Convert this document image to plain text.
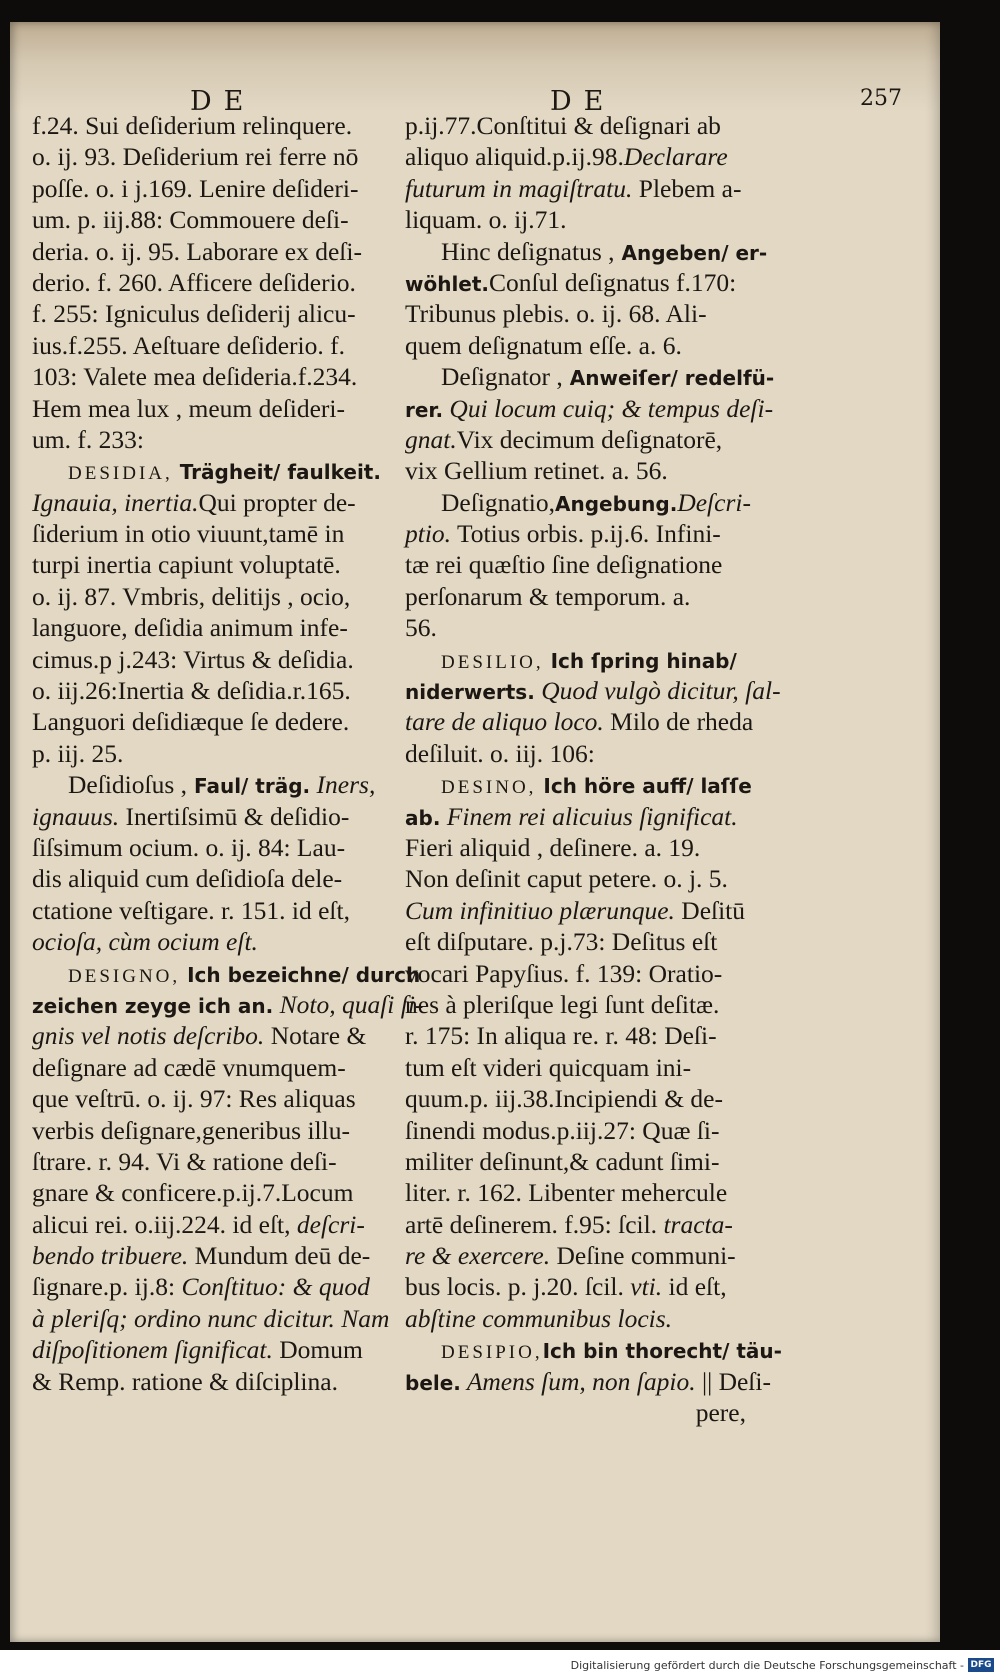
DE	DE	257
f.24. Sui deſiderium relinquere.
o. ij. 93. Deſiderium rei ferre nō
poſſe. o. i j.169. Lenire deſideri-
um. p. iij.88: Commouere deſi-
deria. o. ij. 95. Laborare ex deſi-
derio. f. 260. Afficere deſiderio.
f. 255: Igniculus deſiderij alicu-
ius.f.255. Aeſtuare deſiderio. f.
103: Valete mea deſideria.f.234.
Hem mea lux , meum deſideri-
um. f. 233:
DESIDIA, Trägheit/ faulkeit.
Ignauia, inertia.Qui propter de-
ſiderium in otio viuunt,tamē in
turpi inertia capiunt voluptatē.
o. ij. 87. Vmbris, delitijs , ocio,
languore, deſidia animum infe-
cimus.p j.243: Virtus & deſidia.
o. iij.26:Inertia & deſidia.r.165.
Languori deſidiæque ſe dedere.
p. iij. 25.
Deſidioſus , Faul/ träg. Iners,
ignauus. Inertiſsimū & deſidio-
ſiſsimum ocium. o. ij. 84: Lau-
dis aliquid cum deſidioſa dele-
ctatione veſtigare. r. 151. id eſt,
ocioſa, cùm ocium eſt.
DESIGNO, Ich bezeichne/ durch
zeichen zeyge ich an. Noto, quaſi ſi-
gnis vel notis deſcribo. Notare &
deſignare ad cædē vnumquem-
que veſtrū. o. ij. 97: Res aliquas
verbis deſignare,generibus illu-
ſtrare. r. 94. Vi & ratione deſi-
gnare & conficere.p.ij.7.Locum
alicui rei. o.iij.224. id eſt, deſcri-
bendo tribuere. Mundum deū de-
ſignare.p. ij.8: Conſtituo: & quod
à pleriſq; ordino nunc dicitur. Nam
diſpoſitionem ſignificat. Domum
& Remp. ratione & diſciplina.
p.ij.77.Conſtitui & deſignari ab
aliquo aliquid.p.ij.98.Declarare
futurum in magiſtratu. Plebem a-
liquam. o. ij.71.
Hinc deſignatus , Angeben/ er-
wöhlet.Conſul deſignatus f.170:
Tribunus plebis. o. ij. 68. Ali-
quem deſignatum eſſe. a. 6.
Deſignator , Anweiſer/ redelfü-
rer. Qui locum cuiq; & tempus deſi-
gnat.Vix decimum deſignatorē,
vix Gellium retinet. a. 56.
Deſignatio,Angebung.Deſcri-
ptio. Totius orbis. p.ij.6. Infini-
tæ rei quæſtio ſine deſignatione
perſonarum & temporum. a.
56.
DESILIO, Ich ſpring hinab/
niderwerts. Quod vulgò dicitur, ſal-
tare de aliquo loco. Milo de rheda
deſiluit. o. iij. 106:
DESINO, Ich höre auff/ laſſe
ab. Finem rei alicuius ſignificat.
Fieri aliquid , deſinere. a. 19.
Non deſinit caput petere. o. j. 5.
Cum infinitiuo plærunque. Deſitū
eſt diſputare. p.j.73: Deſitus eſt
vocari Papyſius. f. 139: Oratio-
nes à pleriſque legi ſunt deſitæ.
r. 175: In aliqua re. r. 48: Deſi-
tum eſt videri quicquam ini-
quum.p. iij.38.Incipiendi & de-
ſinendi modus.p.iij.27: Quæ ſi-
militer deſinunt,& cadunt ſimi-
liter. r. 162. Libenter mehercule
artē deſinerem. f.95: ſcil. tracta-
re & exercere. Deſine communi-
bus locis. p. j.20. ſcil. vti. id eſt,
abſtine communibus locis.
DESIPIO,Ich bin thorecht/ täu-
bele. Amens ſum, non ſapio. || Deſi-
pere,
Digitalisierung gefördert durch die Deutsche Forschungsgemeinschaft - DFG
